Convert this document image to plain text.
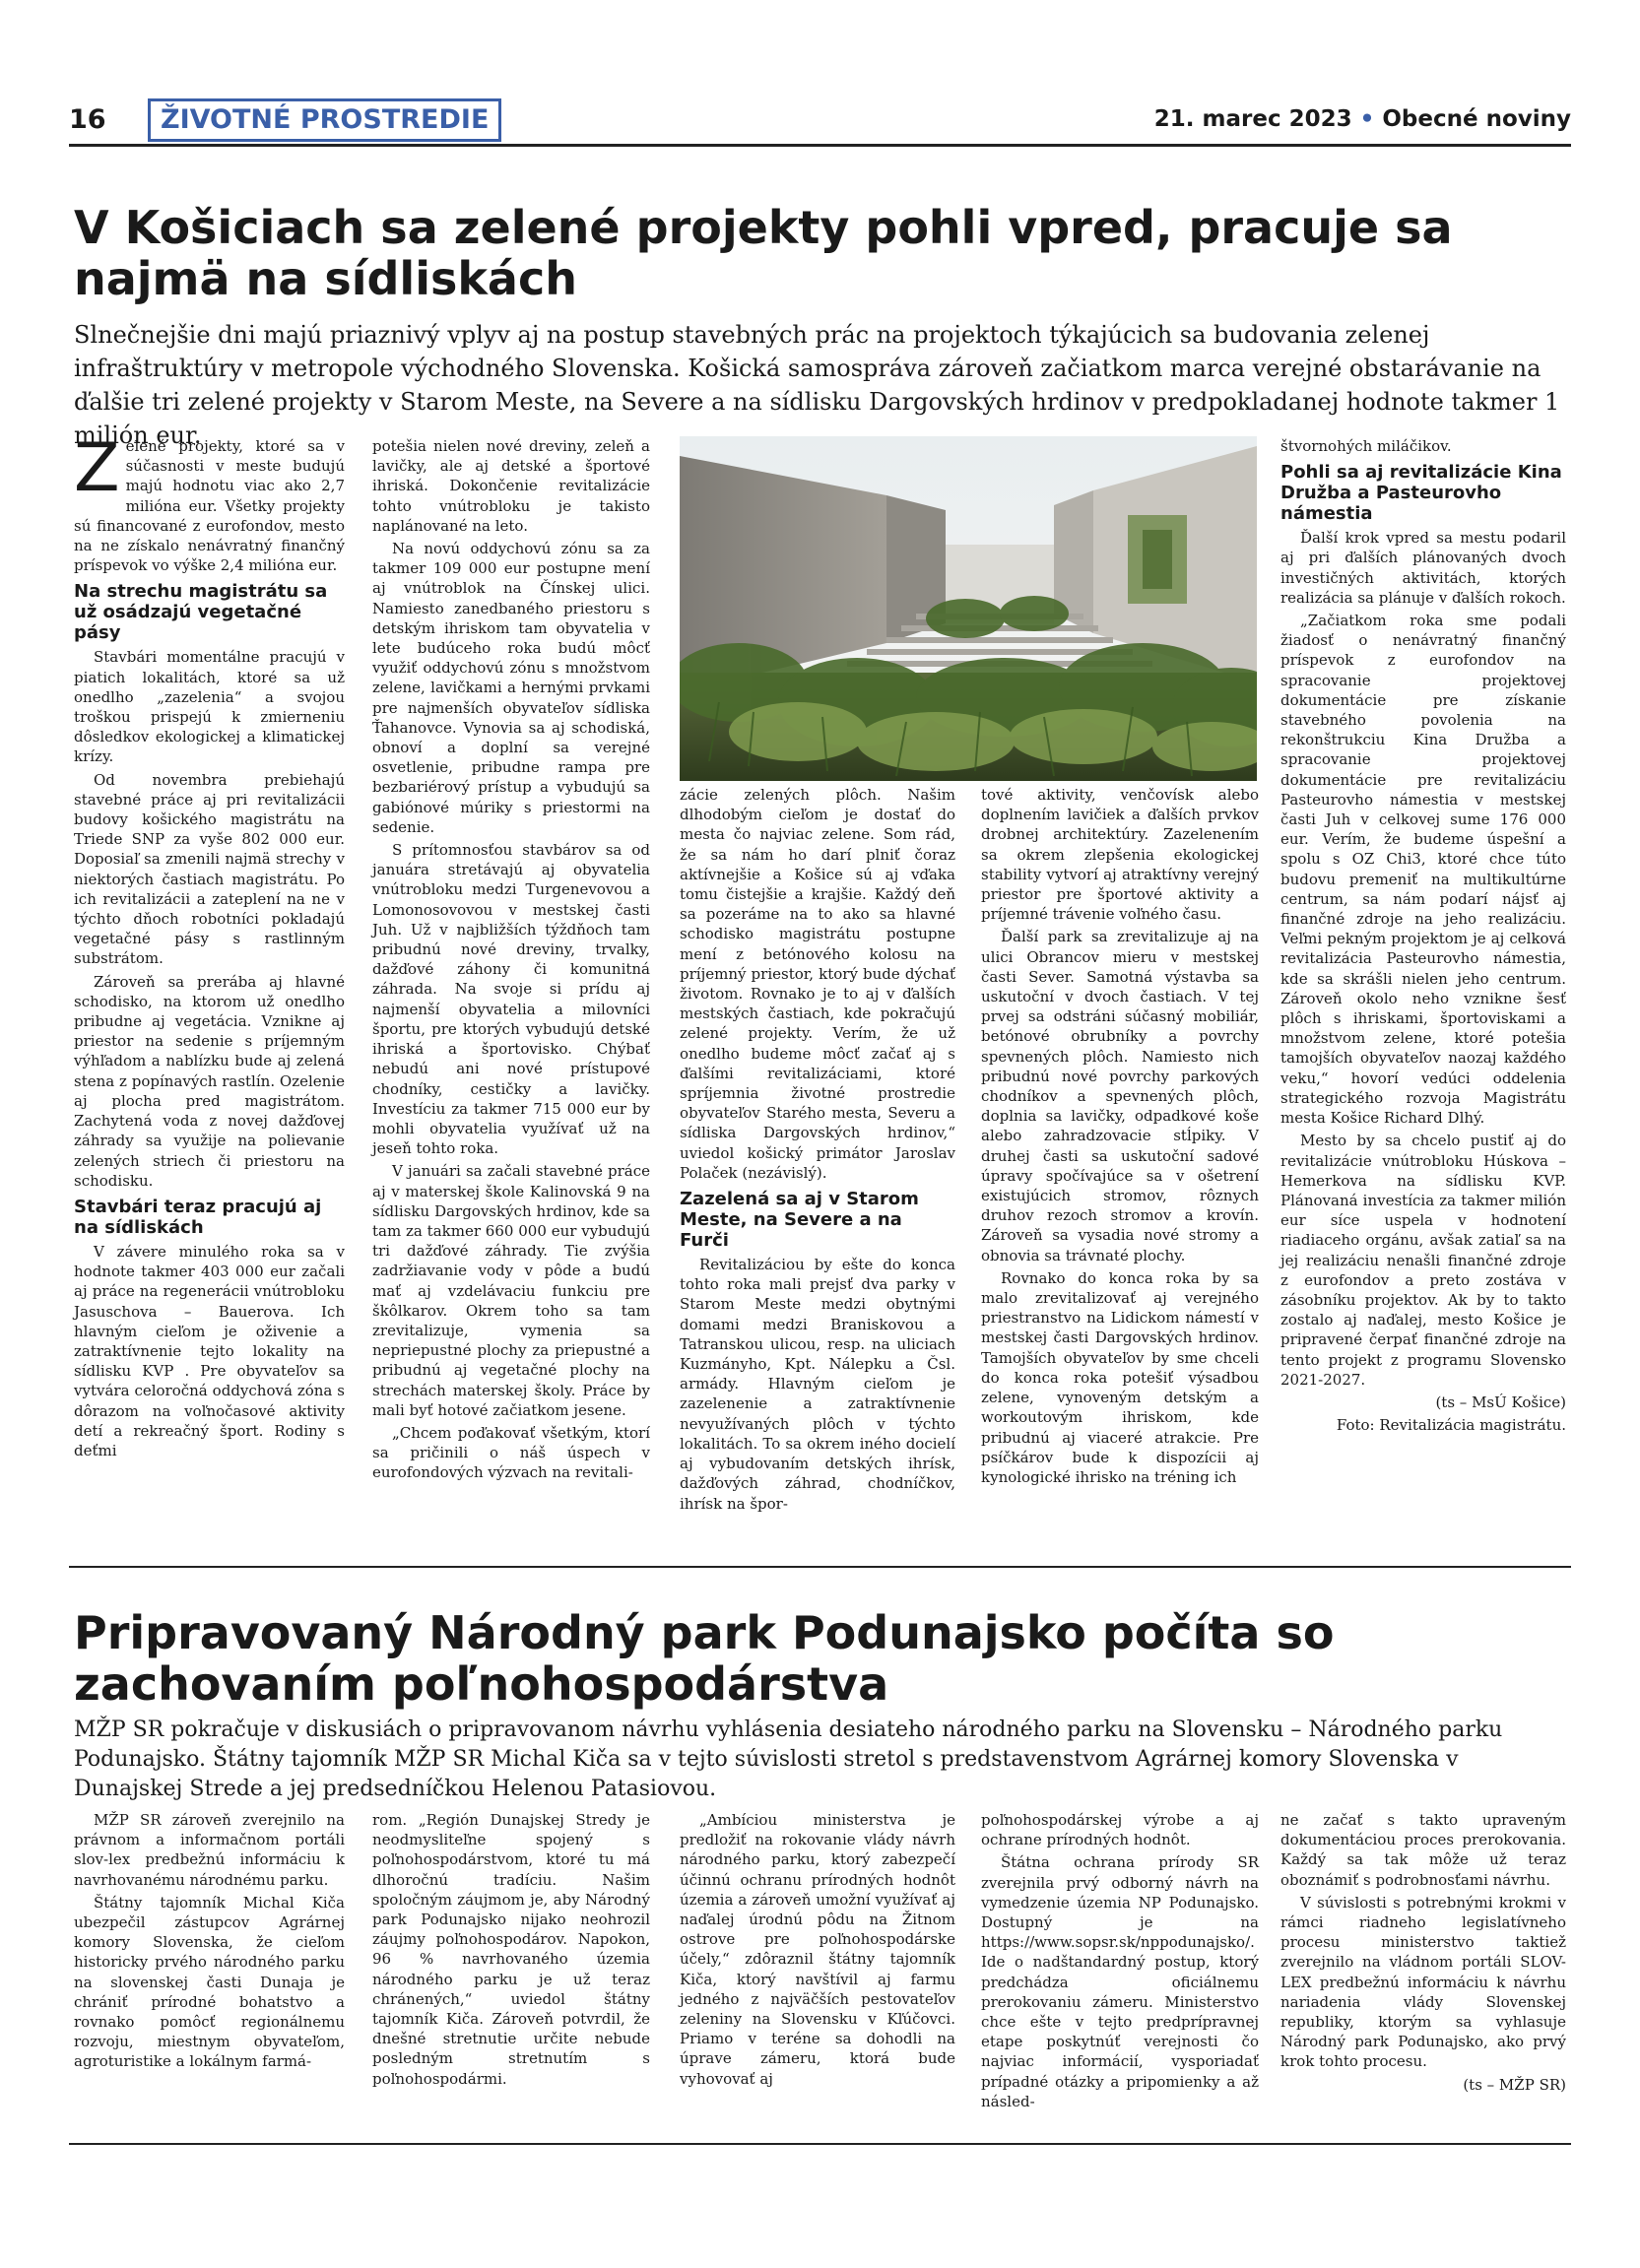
16	ŽIVOTNÉ PROSTREDIE	21. marec 2023 • Obecné noviny
V Košiciach sa zelené projekty pohli vpred, pracuje sa najmä na sídliskách

Slnečnejšie dni majú priaznivý vplyv aj na postup stavebných prác na projektoch týkajúcich sa budovania zelenej infraštruktúry v metropole východného Slovenska. Košická samospráva zároveň začiatkom marca verejné obstarávanie na ďalšie tri zelené projekty v Starom Meste, na Severe a na sídlisku Dargovských hrdinov v predpokladanej hodnote takmer 1 milión eur.

Zelené projekty, ktoré sa v súčasnosti v meste budujú majú hodnotu viac ako 2,7 milióna eur. Všetky projekty sú financované z eurofondov, mesto na ne získalo nenávratný finančný príspevok vo výške 2,4 milióna eur.

Na strechu magistrátu sa už osádzajú vegetačné pásy

Stavbári momentálne pracujú v piatich lokalitách, ktoré sa už onedlho „zazelenia“ a svojou troškou prispejú k zmierneniu dôsledkov ekologickej a klimatickej krízy.

Od novembra prebiehajú stavebné práce aj pri revitalizácii budovy košického magistrátu na Triede SNP za vyše 802 000 eur. Doposiaľ sa zmenili najmä strechy v niektorých častiach magistrátu. Po ich revitalizácii a zateplení na ne v týchto dňoch robotníci pokladajú vegetačné pásy s rastlinným substrátom.

Zároveň sa prerába aj hlavné schodisko, na ktorom už onedlho pribudne aj vegetácia. Vznikne aj priestor na sedenie s príjemným výhľadom a nablízku bude aj zelená stena z popínavých rastlín. Ozelenie aj plocha pred magistrátom. Zachytená voda z novej dažďovej záhrady sa využije na polievanie zelených striech či priestoru na schodisku.

Stavbári teraz pracujú aj na sídliskách

V závere minulého roka sa v hodnote takmer 403 000 eur začali aj práce na regenerácii vnútrobloku Jasuschova – Bauerova. Ich hlavným cieľom je oživenie a zatraktívnenie tejto lokality na sídlisku KVP . Pre obyvateľov sa vytvára celoročná oddychová zóna s dôrazom na voľnočasové aktivity detí a rekreačný šport. Rodiny s deťmi

potešia nielen nové dreviny, zeleň a lavičky, ale aj detské a športové ihriská. Dokončenie revitalizácie tohto vnútrobloku je takisto naplánované na leto.

Na novú oddychovú zónu sa za takmer 109 000 eur postupne mení aj vnútroblok na Čínskej ulici. Namiesto zanedbaného priestoru s detským ihriskom tam obyvatelia v lete budúceho roka budú môcť využiť oddychovú zónu s množstvom zelene, lavičkami a hernými prvkami pre najmenších obyvateľov sídliska Ťahanovce. Vynovia sa aj schodiská, obnoví a doplní sa verejné osvetlenie, pribudne rampa pre bezbariérový prístup a vybudujú sa gabiónové múriky s priestormi na sedenie.

S prítomnosťou stavbárov sa od januára stretávajú aj obyvatelia vnútrobloku medzi Turgenevovou a Lomonosovovou v mestskej časti Juh. Už v najbližších týždňoch tam pribudnú nové dreviny, trvalky, dažďové záhony či komunitná záhrada. Na svoje si prídu aj najmenší obyvatelia a milovníci športu, pre ktorých vybudujú detské ihriská a športovisko. Chýbať nebudú ani nové prístupové chodníky, cestičky a lavičky. Investíciu za takmer 715 000 eur by mohli obyvatelia využívať už na jeseň tohto roka.

V januári sa začali stavebné práce aj v materskej škole Kalinovská 9 na sídlisku Dargovských hrdinov, kde sa tam za takmer 660 000 eur vybudujú tri dažďové záhrady. Tie zvýšia zadržiavanie vody v pôde a budú mať aj vzdelávaciu funkciu pre škôlkarov. Okrem toho sa tam zrevitalizuje, vymenia sa nepriepustné plochy za priepustné a pribudnú aj vegetačné plochy na strechách materskej školy. Práce by mali byť hotové začiatkom jesene.

„Chcem poďakovať všetkým, ktorí sa pričinili o náš úspech v eurofondových výzvach na revitali-

zácie zelených plôch. Našim dlhodobým cieľom je dostať do mesta čo najviac zelene. Som rád, že sa nám ho darí plniť čoraz aktívnejšie a Košice sú aj vďaka tomu čistejšie a krajšie. Každý deň sa pozeráme na to ako sa hlavné schodisko magistrátu postupne mení z betónového kolosu na príjemný priestor, ktorý bude dýchať životom. Rovnako je to aj v ďalších mestských častiach, kde pokračujú zelené projekty. Verím, že už onedlho budeme môcť začať aj s ďalšími revitalizáciami, ktoré spríjemnia životné prostredie obyvateľov Starého mesta, Severu a sídliska Dargovských hrdinov,“ uviedol košický primátor Jaroslav Polaček (nezávislý).

Zazelená sa aj v Starom Meste, na Severe a na Furči

Revitalizáciou by ešte do konca tohto roka mali prejsť dva parky v Starom Meste medzi obytnými domami medzi Braniskovou a Tatranskou ulicou, resp. na uliciach Kuzmányho, Kpt. Nálepku a Čsl. armády. Hlavným cieľom je zazelenenie a zatraktívnenie nevyužívaných plôch v týchto lokalitách. To sa okrem iného docielí aj vybudovaním detských ihrísk, dažďových záhrad, chodníčkov, ihrísk na špor-

tové aktivity, venčovísk alebo doplnením lavičiek a ďalších prvkov drobnej architektúry. Zazelenením sa okrem zlepšenia ekologickej stability vytvorí aj atraktívny verejný priestor pre športové aktivity a príjemné trávenie voľného času.

Ďalší park sa zrevitalizuje aj na ulici Obrancov mieru v mestskej časti Sever. Samotná výstavba sa uskutoční v dvoch častiach. V tej prvej sa odstráni súčasný mobiliár, betónové obrubníky a povrchy spevnených plôch. Namiesto nich pribudnú nové povrchy parkových chodníkov a spevnených plôch, doplnia sa lavičky, odpadkové koše alebo zahradzovacie stĺpiky. V druhej časti sa uskutoční sadové úpravy spočívajúce sa v ošetrení existujúcich stromov, rôznych druhov rezoch stromov a krovín. Zároveň sa vysadia nové stromy a obnovia sa trávnaté plochy.

Rovnako do konca roka by sa malo zrevitalizovať aj verejného priestranstvo na Lidickom námestí v mestskej časti Dargovských hrdinov. Tamojších obyvateľov by sme chceli do konca roka potešiť výsadbou zelene, vynoveným detským a workoutovým ihriskom, kde pribudnú aj viaceré atrakcie. Pre psíčkárov bude k dispozícii aj kynologické ihrisko na tréning ich

štvornohých miláčikov.

Pohli sa aj revitalizácie Kina Družba a Pasteurovho námestia

Ďalší krok vpred sa mestu podaril aj pri ďalších plánovaných dvoch investičných aktivitách, ktorých realizácia sa plánuje v ďalších rokoch.

„Začiatkom roka sme podali žiadosť o nenávratný finančný príspevok z eurofondov na spracovanie projektovej dokumentácie pre získanie stavebného povolenia na rekonštrukciu Kina Družba a spracovanie projektovej dokumentácie pre revitalizáciu Pasteurovho námestia v mestskej časti Juh v celkovej sume 176 000 eur. Verím, že budeme úspešní a spolu s OZ Chi3, ktoré chce túto budovu premeniť na multikultúrne centrum, sa nám podarí nájsť aj finančné zdroje na jeho realizáciu. Veľmi pekným projektom je aj celková revitalizácia Pasteurovho námestia, kde sa skrášli nielen jeho centrum. Zároveň okolo neho vznikne šesť plôch s ihriskami, športoviskami a množstvom zelene, ktoré potešia tamojších obyvateľov naozaj každého veku,“ hovorí vedúci oddelenia strategického rozvoja Magistrátu mesta Košice Richard Dlhý.

Mesto by sa chcelo pustiť aj do revitalizácie vnútrobloku Húskova – Hemerkova na sídlisku KVP. Plánovaná investícia za takmer milión eur síce uspela v hodnotení riadiaceho orgánu, avšak zatiaľ sa na jej realizáciu nenašli finančné zdroje z eurofondov a preto zostáva v zásobníku projektov. Ak by to takto zostalo aj naďalej, mesto Košice je pripravené čerpať finančné zdroje na tento projekt z programu Slovensko 2021-2027.

(ts – MsÚ Košice)

Foto: Revitalizácia magistrátu.

Pripravovaný Národný park Podunajsko počíta so zachovaním poľnohospodárstva

MŽP SR pokračuje v diskusiách o pripravovanom návrhu vyhlásenia desiateho národného parku na Slovensku – Národného parku Podunajsko. Štátny tajomník MŽP SR Michal Kiča sa v tejto súvislosti stretol s predstavenstvom Agrárnej komory Slovenska v Dunajskej Strede a jej predsedníčkou Helenou Patasiovou.

MŽP SR zároveň zverejnilo na právnom a informačnom portáli slov-lex predbežnú informáciu k navrhovanému národnému parku.

Štátny tajomník Michal Kiča ubezpečil zástupcov Agrárnej komory Slovenska, že cieľom historicky prvého národného parku na slovenskej časti Dunaja je chrániť prírodné bohatstvo a rovnako pomôcť regionálnemu rozvoju, miestnym obyvateľom, agroturistike a lokálnym farmá-

rom. „Región Dunajskej Stredy je neodmysliteľne spojený s poľnohospodárstvom, ktoré tu má dlhoročnú tradíciu. Našim spoločným záujmom je, aby Národný park Podunajsko nijako neohrozil záujmy poľnohospodárov. Napokon, 96 % navrhovaného územia národného parku je už teraz chránených,“ uviedol štátny tajomník Kiča. Zároveň potvrdil, že dnešné stretnutie určite nebude posledným stretnutím s poľnohospodármi.

„Ambíciou ministerstva je predložiť na rokovanie vlády návrh národného parku, ktorý zabezpečí účinnú ochranu prírodných hodnôt územia a zároveň umožní využívať aj naďalej úrodnú pôdu na Žitnom ostrove pre poľnohospodárske účely,“ zdôraznil štátny tajomník Kiča, ktorý navštívil aj farmu jedného z najväčších pestovateľov zeleniny na Slovensku v Kľúčovci. Priamo v teréne sa dohodli na úprave zámeru, ktorá bude vyhovovať aj

poľnohospodárskej výrobe a aj ochrane prírodných hodnôt.

Štátna ochrana prírody SR zverejnila prvý odborný návrh na vymedzenie územia NP Podunajsko. Dostupný je na https://www.sopsr.sk/nppodunajsko/. Ide o nadštandardný postup, ktorý predchádza oficiálnemu prerokovaniu zámeru. Ministerstvo chce ešte v tejto predprípravnej etape poskytnúť verejnosti čo najviac informácií, vysporiadať prípadné otázky a pripomienky a až násled-

ne začať s takto upraveným dokumentáciou proces prerokovania. Každý sa tak môže už teraz oboznámiť s podrobnosťami návrhu.

V súvislosti s potrebnými krokmi v rámci riadneho legislatívneho procesu ministerstvo taktiež zverejnilo na vládnom portáli SLOV-LEX predbežnú informáciu k návrhu nariadenia vlády Slovenskej republiky, ktorým sa vyhlasuje Národný park Podunajsko, ako prvý krok tohto procesu.

(ts – MŽP SR)
